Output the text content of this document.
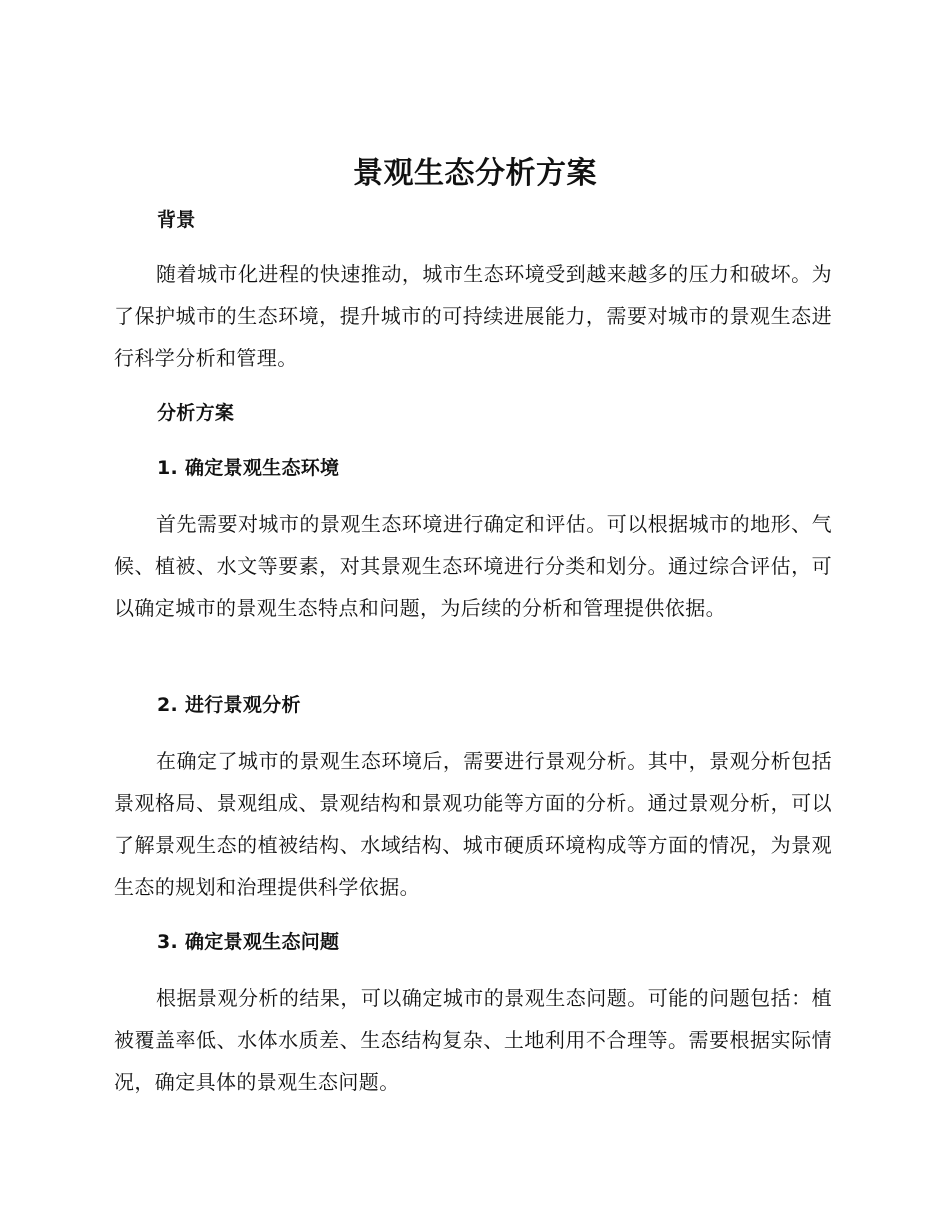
景观生态分析方案
背景

随着城市化进程的快速推动，城市生态环境受到越来越多的压力和破坏。为了保护城市的生态环境，提升城市的可持续进展能力，需要对城市的景观生态进行科学分析和管理。

分析方案
1. 确定景观生态环境

首先需要对城市的景观生态环境进行确定和评估。可以根据城市的地形、气候、植被、水文等要素，对其景观生态环境进行分类和划分。通过综合评估，可以确定城市的景观生态特点和问题，为后续的分析和管理提供依据。

2. 进行景观分析

在确定了城市的景观生态环境后，需要进行景观分析。其中，景观分析包括景观格局、景观组成、景观结构和景观功能等方面的分析。通过景观分析，可以了解景观生态的植被结构、水域结构、城市硬质环境构成等方面的情况，为景观生态的规划和治理提供科学依据。

3. 确定景观生态问题

根据景观分析的结果，可以确定城市的景观生态问题。可能的问题包括：植被覆盖率低、水体水质差、生态结构复杂、土地利用不合理等。需要根据实际情况，确定具体的景观生态问题。
